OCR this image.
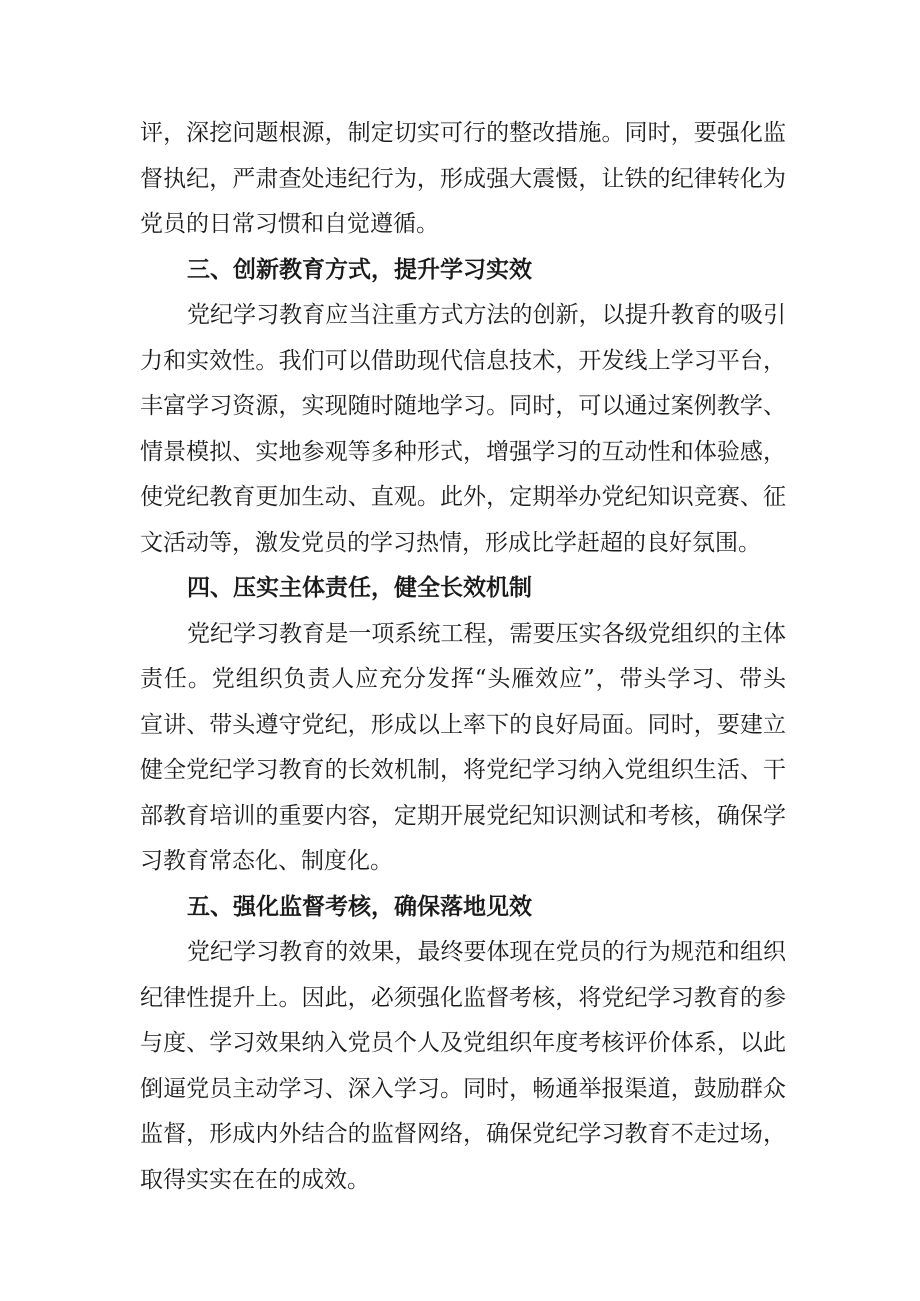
评，深挖问题根源，制定切实可行的整改措施。同时，要强化监
督执纪，严肃查处违纪行为，形成强大震慑，让铁的纪律转化为
党员的日常习惯和自觉遵循。
三、创新教育方式，提升学习实效
党纪学习教育应当注重方式方法的创新，以提升教育的吸引
力和实效性。我们可以借助现代信息技术，开发线上学习平台，
丰富学习资源，实现随时随地学习。同时，可以通过案例教学、
情景模拟、实地参观等多种形式，增强学习的互动性和体验感，
使党纪教育更加生动、直观。此外，定期举办党纪知识竞赛、征
文活动等，激发党员的学习热情，形成比学赶超的良好氛围。
四、压实主体责任，健全长效机制
党纪学习教育是一项系统工程，需要压实各级党组织的主体
责任。党组织负责人应充分发挥“头雁效应”，带头学习、带头
宣讲、带头遵守党纪，形成以上率下的良好局面。同时，要建立
健全党纪学习教育的长效机制，将党纪学习纳入党组织生活、干
部教育培训的重要内容，定期开展党纪知识测试和考核，确保学
习教育常态化、制度化。
五、强化监督考核，确保落地见效
党纪学习教育的效果，最终要体现在党员的行为规范和组织
纪律性提升上。因此，必须强化监督考核，将党纪学习教育的参
与度、学习效果纳入党员个人及党组织年度考核评价体系，以此
倒逼党员主动学习、深入学习。同时，畅通举报渠道，鼓励群众
监督，形成内外结合的监督网络，确保党纪学习教育不走过场，
取得实实在在的成效。
